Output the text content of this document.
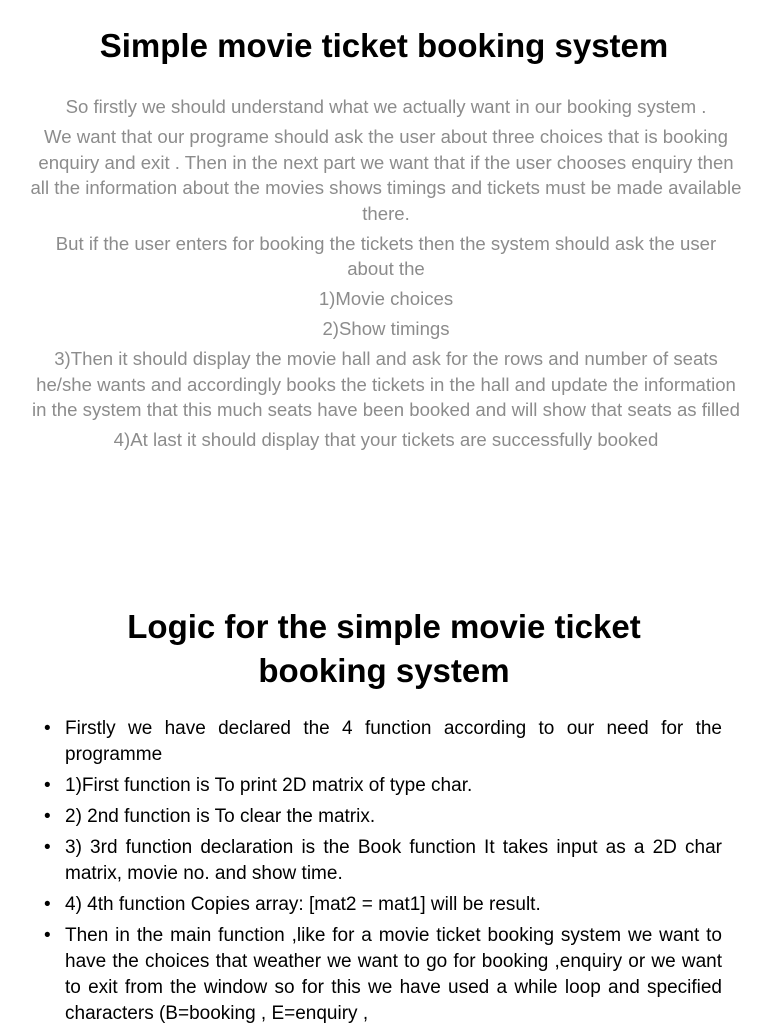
Simple movie ticket booking system

So firstly we should understand what we actually want in our booking system .

We want that our programe should ask the user about three choices that is booking enquiry and exit . Then in the next part we want that if the user chooses enquiry then all the information about the movies shows timings and tickets must be made available there.

But if the user enters for booking the tickets then the system should ask the user about the

1)Movie choices

2)Show timings

3)Then it should display the movie hall and ask for the rows and number of seats he/she wants and accordingly books the tickets in the hall and update the information in the system that this much seats have been booked and will show that seats as filled

4)At last it should display that your tickets are successfully booked

Logic for the simple movie ticket booking system
• Firstly we have declared the 4 function according to our need for the programme
• 1)First function is To print 2D matrix of type char.
• 2) 2nd function is To clear the matrix.
• 3) 3rd function declaration is the Book function It takes input as a 2D char matrix, movie no. and show time.
• 4) 4th function Copies array: [mat2 = mat1] will be result.
• Then in the main function ,like for a movie ticket booking system we want to have the choices that weather we want to go for booking ,enquiry or we want to exit from the window so for this we have used a while loop and specified characters (B=booking , E=enquiry ,
